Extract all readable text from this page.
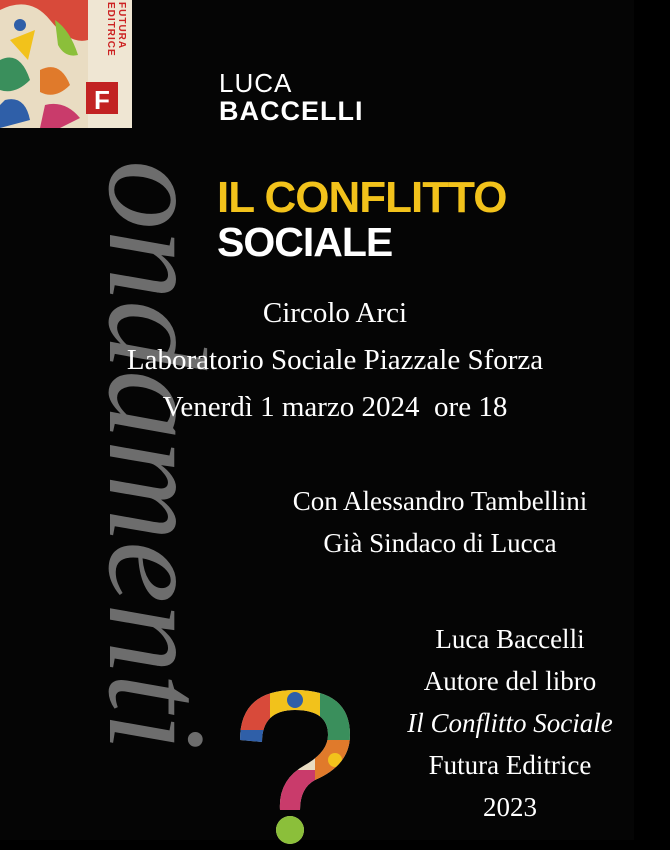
FUTURA EDITRICE
F
ondamenti
LUCA
BACCELLI
IL CONFLITTO
SOCIALE
Circolo Arci
Laboratorio Sociale Piazzale Sforza
Venerdì 1 marzo 2024  ore 18
Con Alessandro Tambellini
Già Sindaco di Lucca
Luca Baccelli
Autore del libro
Il Conflitto Sociale
Futura Editrice
2023
